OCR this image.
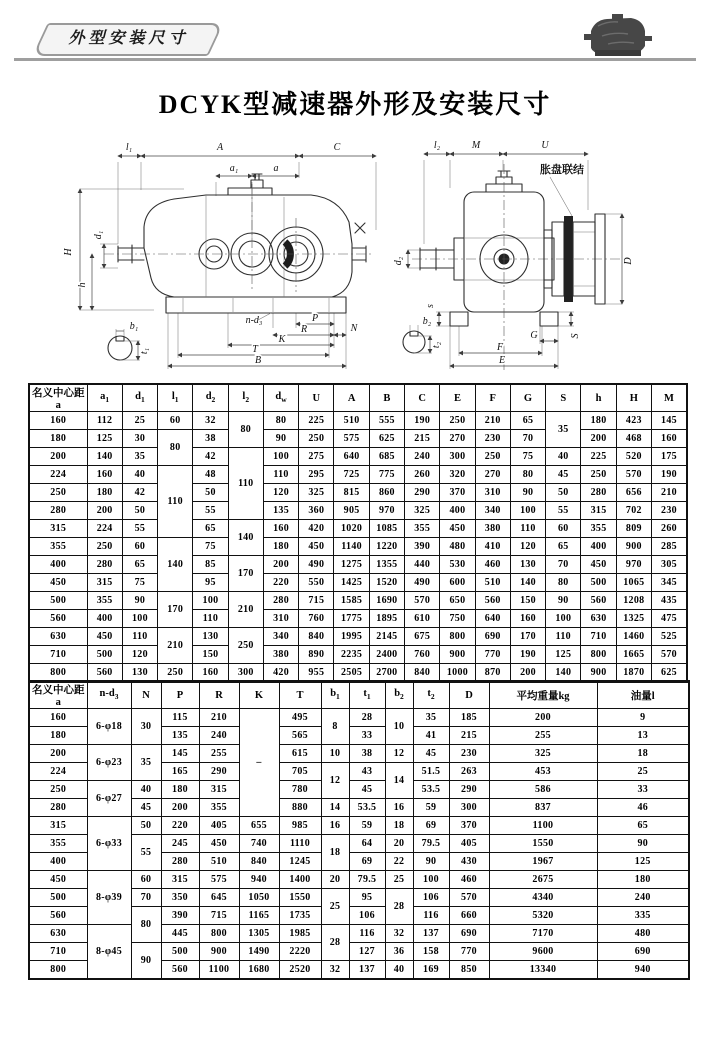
外型安装尺寸
DCYK型减速器外形及安装尺寸
l₁	A	C
a₁	a
H
h
d₁
n-d₃	P
R	N
K
T
B
b₁
t₁
l₂	M	U
胀盘联结
d₂	D
s
S
G
F
E
b₂
t₂
名义中心距a	$a_1$	$d_1$	$l_1$	$d_2$	$l_2$	$d_w$	U	A	B	C	E	F	G	S	h	H	M
160	112	25	60	32	80	80	225	510	555	190	250	210	65	35	180	423	145
180	125	30	80	38		90	250	575	625	215	270	230	70		200	468	160
200	140	35		42	110	100	275	640	685	240	300	250	75	40	225	520	175
224	160	40	110	48		110	295	725	775	260	320	270	80	45	250	570	190
250	180	42		50		120	325	815	860	290	370	310	90	50	280	656	210
280	200	50		55		135	360	905	970	325	400	340	100	55	315	702	230
315	224	55		65	140	160	420	1020	1085	355	450	380	110	60	355	809	260
355	250	60	140	75		180	450	1140	1220	390	480	410	120	65	400	900	285
400	280	65		85	170	200	490	1275	1355	440	530	460	130	70	450	970	305
450	315	75		95		220	550	1425	1520	490	600	510	140	80	500	1065	345
500	355	90	170	100	210	280	715	1585	1690	570	650	560	150	90	560	1208	435
560	400	100		110		310	760	1775	1895	610	750	640	160	100	630	1325	475
630	450	110	210	130	250	340	840	1995	2145	675	800	690	170	110	710	1460	525
710	500	120		150		380	890	2235	2400	760	900	770	190	125	800	1665	570
800	560	130	250	160	300	420	955	2505	2700	840	1000	870	200	140	900	1870	625
名义中心距a	$n-d_3$	N	P	R	K	T	$b_1$	$t_1$	$b_2$	$t_2$	D	平均重量kg	油量l
160	6-φ18	30	115	210	–	495	8	28	10	35	185	200	9
180			135	240		565		33		41	215	255	13
200	6-φ23	35	145	255		615	10	38	12	45	230	325	18
224			165	290		705	12	43	14	51.5	263	453	25
250	6-φ27	40	180	315		780		45		53.5	290	586	33
280		45	200	355		880	14	53.5	16	59	300	837	46
315	6-φ33	50	220	405	655	985	16	59	18	69	370	1100	65
355		55	245	450	740	1110	18	64	20	79.5	405	1550	90
400			280	510	840	1245		69	22	90	430	1967	125
450	8-φ39	60	315	575	940	1400	20	79.5	25	100	460	2675	180
500		70	350	645	1050	1550	25	95	28	106	570	4340	240
560		80	390	715	1165	1735		106		116	660	5320	335
630	8-φ45		445	800	1305	1985	28	116	32	137	690	7170	480
710		90	500	900	1490	2220		127	36	158	770	9600	690
800			560	1100	1680	2520	32	137	40	169	850	13340	940
